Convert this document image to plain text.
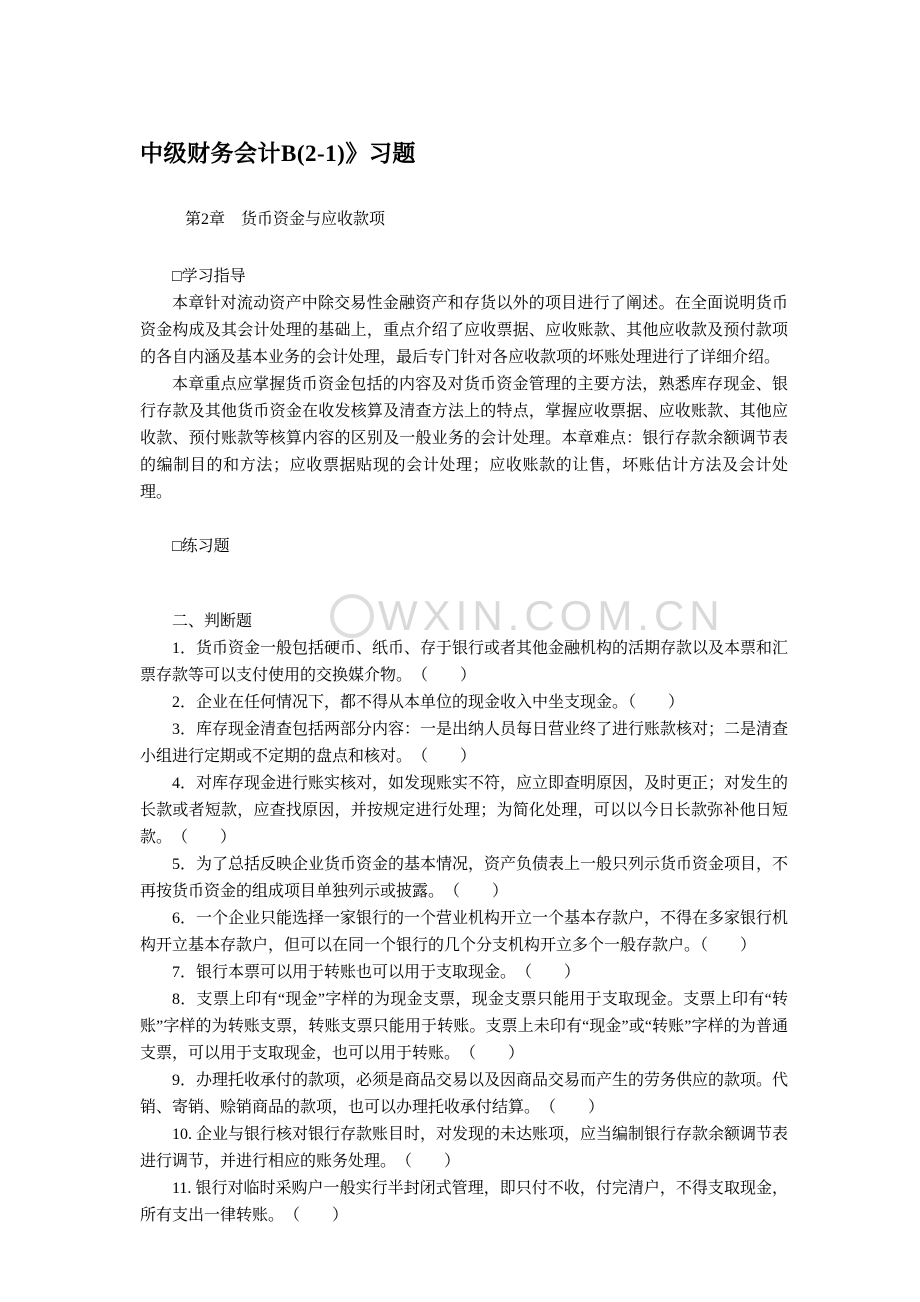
WXIN.COM.CN
中级财务会计B(2-1)》习题

第2章　货币资金与应收款项

□学习指导

本章针对流动资产中除交易性金融资产和存货以外的项目进行了阐述。在全面说明货币资金构成及其会计处理的基础上，重点介绍了应收票据、应收账款、其他应收款及预付款项的各自内涵及基本业务的会计处理，最后专门针对各应收款项的坏账处理进行了详细介绍。

本章重点应掌握货币资金包括的内容及对货币资金管理的主要方法，熟悉库存现金、银行存款及其他货币资金在收发核算及清查方法上的特点，掌握应收票据、应收账款、其他应收款、预付账款等核算内容的区别及一般业务的会计处理。本章难点：银行存款余额调节表的编制目的和方法；应收票据贴现的会计处理；应收账款的让售，坏账估计方法及会计处理。

□练习题

二、判断题

1．货币资金一般包括硬币、纸币、存于银行或者其他金融机构的活期存款以及本票和汇票存款等可以支付使用的交换媒介物。　（　　）

2．企业在任何情况下，都不得从本单位的现金收入中坐支现金。（　　）

3．库存现金清查包括两部分内容：一是出纳人员每日营业终了进行账款核对；二是清查小组进行定期或不定期的盘点和核对。　（　　）

4．对库存现金进行账实核对，如发现账实不符，应立即查明原因，及时更正；对发生的长款或者短款，应查找原因，并按规定进行处理；为简化处理，可以以今日长款弥补他日短款。　（　　）

5．为了总括反映企业货币资金的基本情况，资产负债表上一般只列示货币资金项目，不再按货币资金的组成项目单独列示或披露。　（　　）

6．一个企业只能选择一家银行的一个营业机构开立一个基本存款户，不得在多家银行机构开立基本存款户，但可以在同一个银行的几个分支机构开立多个一般存款户。（　　）

7．银行本票可以用于转账也可以用于支取现金。　（　　）

8．支票上印有“现金”字样的为现金支票，现金支票只能用于支取现金。支票上印有“转账”字样的为转账支票，转账支票只能用于转账。支票上未印有“现金”或“转账”字样的为普通支票，可以用于支取现金，也可以用于转账。　（　　）

9．办理托收承付的款项，必须是商品交易以及因商品交易而产生的劳务供应的款项。代销、寄销、赊销商品的款项，也可以办理托收承付结算。　（　　）

10. 企业与银行核对银行存款账目时，对发现的未达账项，应当编制银行存款余额调节表进行调节，并进行相应的账务处理。　（　　）

11. 银行对临时采购户一般实行半封闭式管理，即只付不收，付完清户，不得支取现金，所有支出一律转账。　（　　）
